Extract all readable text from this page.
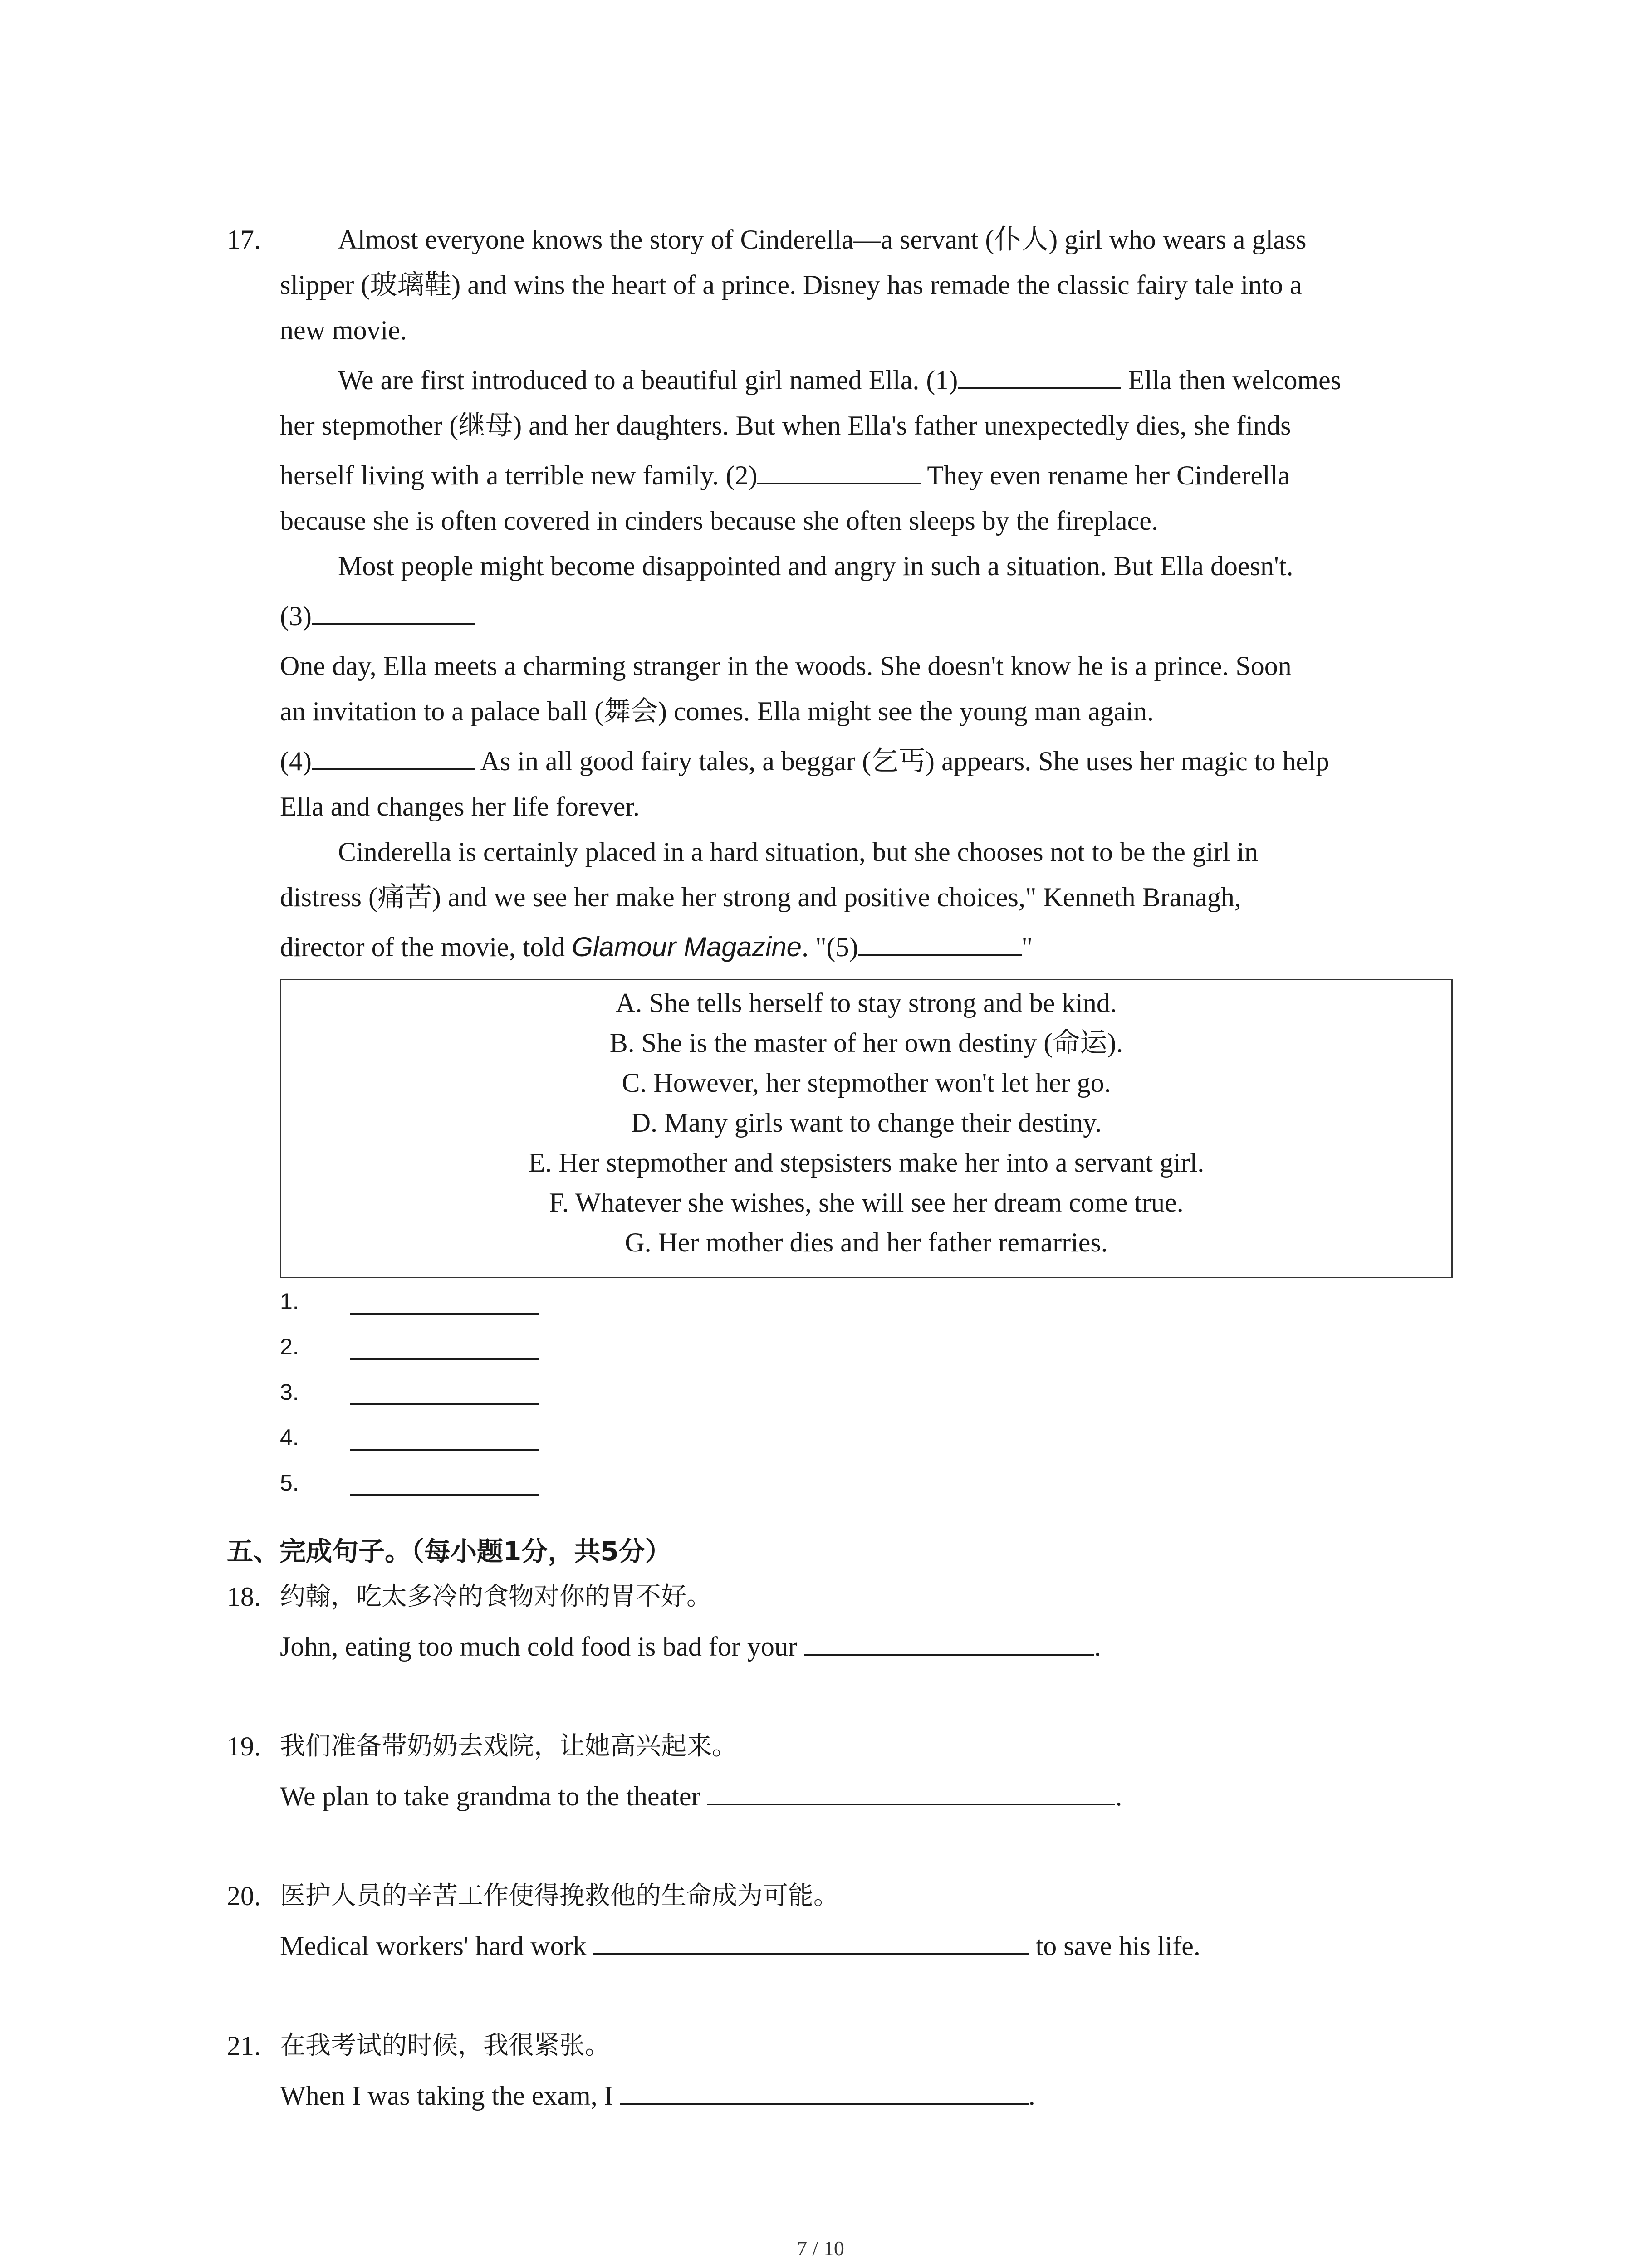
17.	Almost everyone knows the story of Cinderella—a servant (仆人) girl who wears a glass
slipper (玻璃鞋) and wins the heart of a prince. Disney has remade the classic fairy tale into a
new movie.
We are first introduced to a beautiful girl named Ella. (1)	Ella then welcomes
her stepmother (继母) and her daughters. But when Ella's father unexpectedly dies, she finds
herself living with a terrible new family. (2)	They even rename her Cinderella
because she is often covered in cinders because she often sleeps by the fireplace.
Most people might become disappointed and angry in such a situation. But Ella doesn't.
(3)
One day, Ella meets a charming stranger in the woods. She doesn't know he is a prince. Soon
an invitation to a palace ball (舞会) comes. Ella might see the young man again.
(4)	As in all good fairy tales, a beggar (乞丐) appears. She uses her magic to help
Ella and changes her life forever.
Cinderella is certainly placed in a hard situation, but she chooses not to be the girl in
distress (痛苦) and we see her make her strong and positive choices," Kenneth Branagh,
director of the movie, told Glamour Magazine. "(5)	"
A. She tells herself to stay strong and be kind.
B. She is the master of her own destiny (命运).
C. However, her stepmother won't let her go.
D. Many girls want to change their destiny.
E. Her stepmother and stepsisters make her into a servant girl.
F. Whatever she wishes, she will see her dream come true.
G. Her mother dies and her father remarries.
1.
2.
3.
4.
5.
五、完成句子。（每小题1分，共5分）
18. 约翰，吃太多冷的食物对你的胃不好。
John, eating too much cold food is bad for your	.
19. 我们准备带奶奶去戏院，让她高兴起来。
We plan to take grandma to the theater	.
20. 医护人员的辛苦工作使得挽救他的生命成为可能。
Medical workers' hard work	to save his life.
21. 在我考试的时候，我很紧张。
When I was taking the exam, I	.
7 / 10
